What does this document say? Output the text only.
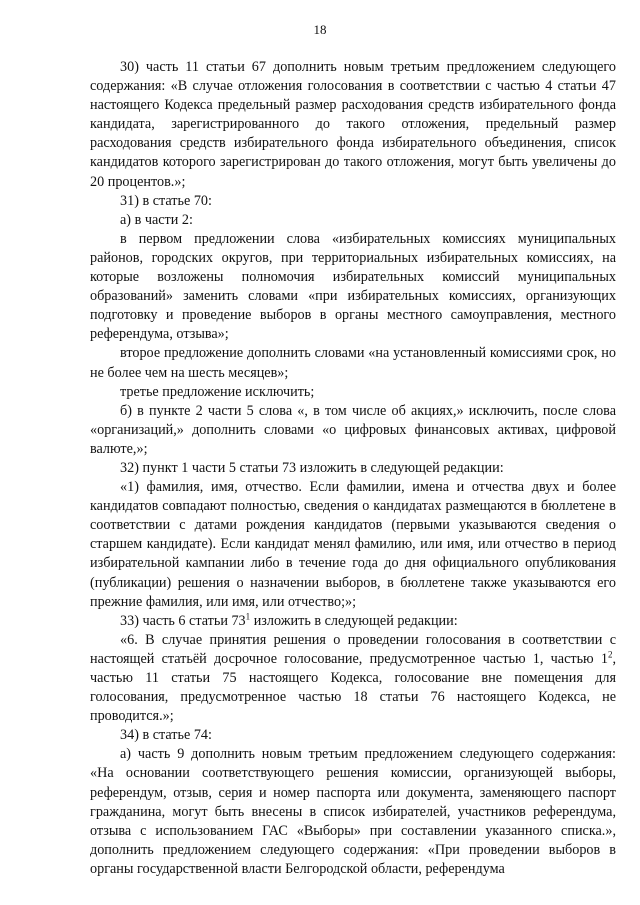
18

30) часть 11 статьи 67 дополнить новым третьим предложением следующего содержания: «В случае отложения голосования в соответствии с частью 4 статьи 47 настоящего Кодекса предельный размер расходования средств избирательного фонда кандидата, зарегистрированного до такого отложения, предельный размер расходования средств избирательного фонда избирательного объединения, список кандидатов которого зарегистрирован до такого отложения, могут быть увеличены до 20 процентов.»;

31) в статье 70:

а) в части 2:

в первом предложении слова «избирательных комиссиях муниципальных районов, городских округов, при территориальных избирательных комиссиях, на которые возложены полномочия избирательных комиссий муниципальных образований» заменить словами «при избирательных комиссиях, организующих подготовку и проведение выборов в органы местного самоуправления, местного референдума, отзыва»;

второе предложение дополнить словами «на установленный комиссиями срок, но не более чем на шесть месяцев»;

третье предложение исключить;

б) в пункте 2 части 5 слова «, в том числе об акциях,» исключить, после слова «организаций,» дополнить словами «о цифровых финансовых активах, цифровой валюте,»;

32) пункт 1 части 5 статьи 73 изложить в следующей редакции:

«1) фамилия, имя, отчество. Если фамилии, имена и отчества двух и более кандидатов совпадают полностью, сведения о кандидатах размещаются в бюллетене в соответствии с датами рождения кандидатов (первыми указываются сведения о старшем кандидате). Если кандидат менял фамилию, или имя, или отчество в период избирательной кампании либо в течение года до дня официального опубликования (публикации) решения о назначении выборов, в бюллетене также указываются его прежние фамилия, или имя, или отчество;»;

33) часть 6 статьи $73^1$ изложить в следующей редакции:

«6. В случае принятия решения о проведении голосования в соответствии с настоящей статьёй досрочное голосование, предусмотренное частью 1, частью $1^2$, частью 11 статьи 75 настоящего Кодекса, голосование вне помещения для голосования, предусмотренное частью 18 статьи 76 настоящего Кодекса, не проводится.»;

34) в статье 74:

а) часть 9 дополнить новым третьим предложением следующего содержания: «На основании соответствующего решения комиссии, организующей выборы, референдум, отзыв, серия и номер паспорта или документа, заменяющего паспорт гражданина, могут быть внесены в список избирателей, участников референдума, отзыва с использованием ГАС «Выборы» при составлении указанного списка.», дополнить предложением следующего содержания: «При проведении выборов в органы государственной власти Белгородской области, референдума
